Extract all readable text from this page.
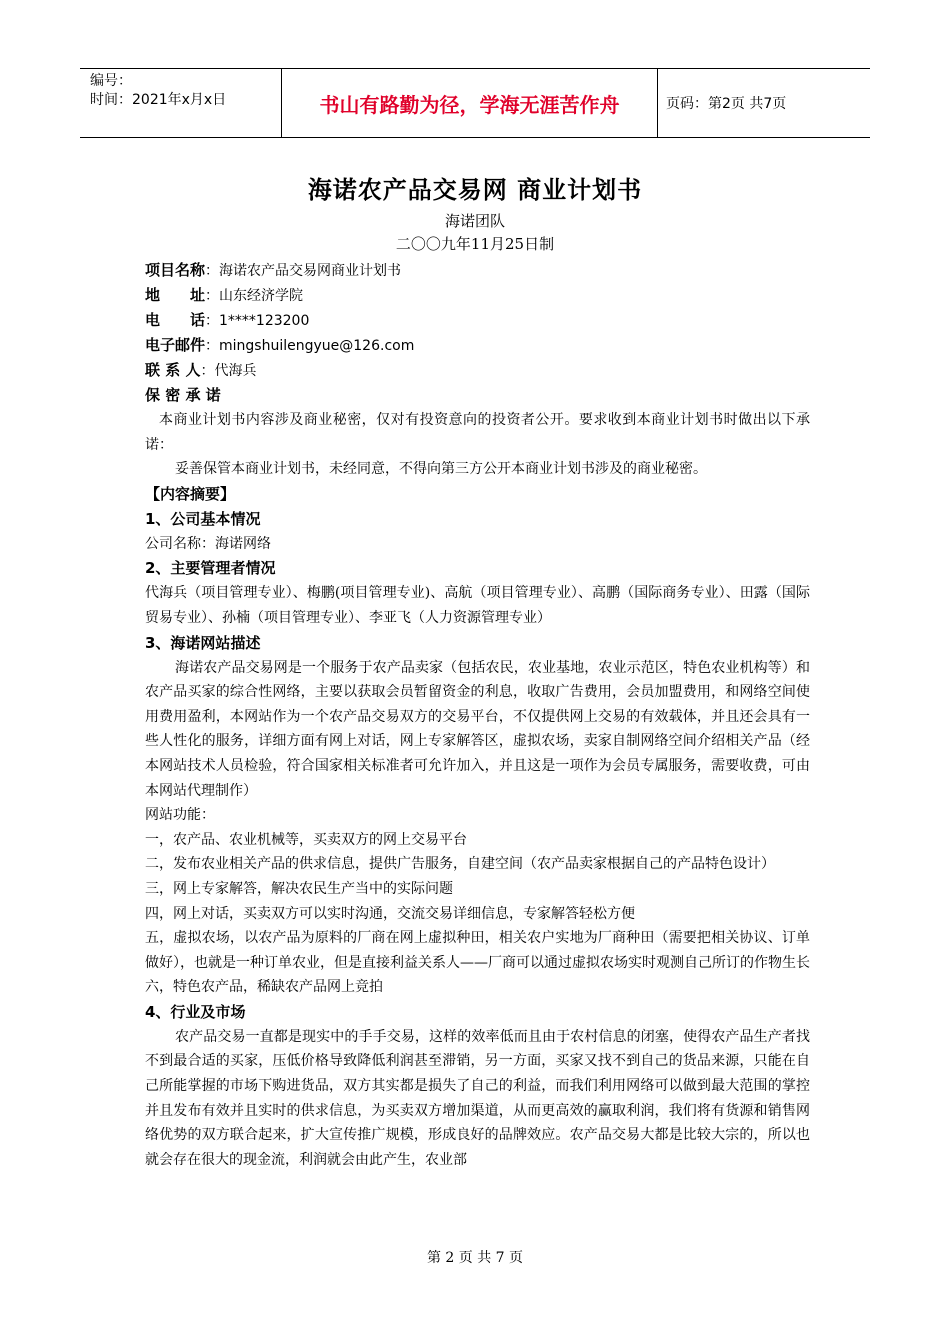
编号：
时间：2021年x月x日	书山有路勤为径，学海无涯苦作舟	页码：第2页 共7页
海诺农产品交易网 商业计划书
海诺团队
二〇〇九年11月25日制
项目名称：海诺农产品交易网商业计划书
地　　址：山东经济学院
电　　话：1****123200
电子邮件：mingshuilengyue@126.com
联 系 人：代海兵
保 密 承 诺
本商业计划书内容涉及商业秘密，仅对有投资意向的投资者公开。要求收到本商业计划书时做出以下承诺：
妥善保管本商业计划书，未经同意，不得向第三方公开本商业计划书涉及的商业秘密。
【内容摘要】
1、公司基本情况
公司名称：海诺网络
2、主要管理者情况
代海兵（项目管理专业）、梅鹏(项目管理专业)、高航（项目管理专业）、高鹏（国际商务专业）、田露（国际贸易专业）、孙楠（项目管理专业）、李亚飞（人力资源管理专业）
3、海诺网站描述
海诺农产品交易网是一个服务于农产品卖家（包括农民，农业基地，农业示范区，特色农业机构等）和农产品买家的综合性网络，主要以获取会员暂留资金的利息，收取广告费用，会员加盟费用，和网络空间使用费用盈利，本网站作为一个农产品交易双方的交易平台，不仅提供网上交易的有效载体，并且还会具有一些人性化的服务，详细方面有网上对话，网上专家解答区，虚拟农场，卖家自制网络空间介绍相关产品（经本网站技术人员检验，符合国家相关标准者可允许加入，并且这是一项作为会员专属服务，需要收费，可由本网站代理制作）
网站功能：
一，农产品、农业机械等，买卖双方的网上交易平台
二，发布农业相关产品的供求信息，提供广告服务，自建空间（农产品卖家根据自己的产品特色设计）
三，网上专家解答，解决农民生产当中的实际问题
四，网上对话，买卖双方可以实时沟通，交流交易详细信息，专家解答轻松方便
五，虚拟农场，以农产品为原料的厂商在网上虚拟种田，相关农户实地为厂商种田（需要把相关协议、订单做好），也就是一种订单农业，但是直接利益关系人——厂商可以通过虚拟农场实时观测自己所订的作物生长
六，特色农产品，稀缺农产品网上竞拍
4、行业及市场
农产品交易一直都是现实中的手手交易，这样的效率低而且由于农村信息的闭塞，使得农产品生产者找不到最合适的买家，压低价格导致降低利润甚至滞销，另一方面，买家又找不到自己的货品来源，只能在自己所能掌握的市场下购进货品，双方其实都是损失了自己的利益，而我们利用网络可以做到最大范围的掌控并且发布有效并且实时的供求信息，为买卖双方增加渠道，从而更高效的赢取利润，我们将有货源和销售网络优势的双方联合起来，扩大宣传推广规模，形成良好的品牌效应。农产品交易大都是比较大宗的，所以也就会存在很大的现金流，利润就会由此产生，农业部
第 2 页 共 7 页
